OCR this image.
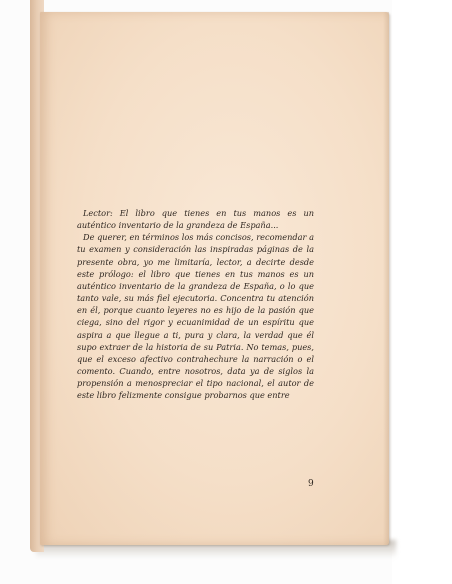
Lector: El libro que tienes en tus manos es un auténtico inventario de la grandeza de España...

De querer, en términos los más concisos, recomendar a tu examen y consideración las inspiradas páginas de la presente obra, yo me limitaría, lector, a decirte desde este prólogo: el libro que tienes en tus manos es un auténtico inventario de la grandeza de España, o lo que tanto vale, su más fiel ejecutoria. Concentra tu atención en él, porque cuanto leyeres no es hijo de la pasión que ciega, sino del rigor y ecuanimidad de un espíritu que aspira a que llegue a ti, pura y clara, la verdad que él supo extraer de la historia de su Patria. No temas, pues, que el exceso afectivo contrahechure la narración o el comento. Cuando, entre nosotros, data ya de siglos la propensión a menospreciar el tipo nacional, el autor de este libro felizmente consigue probarnos que entre

9
